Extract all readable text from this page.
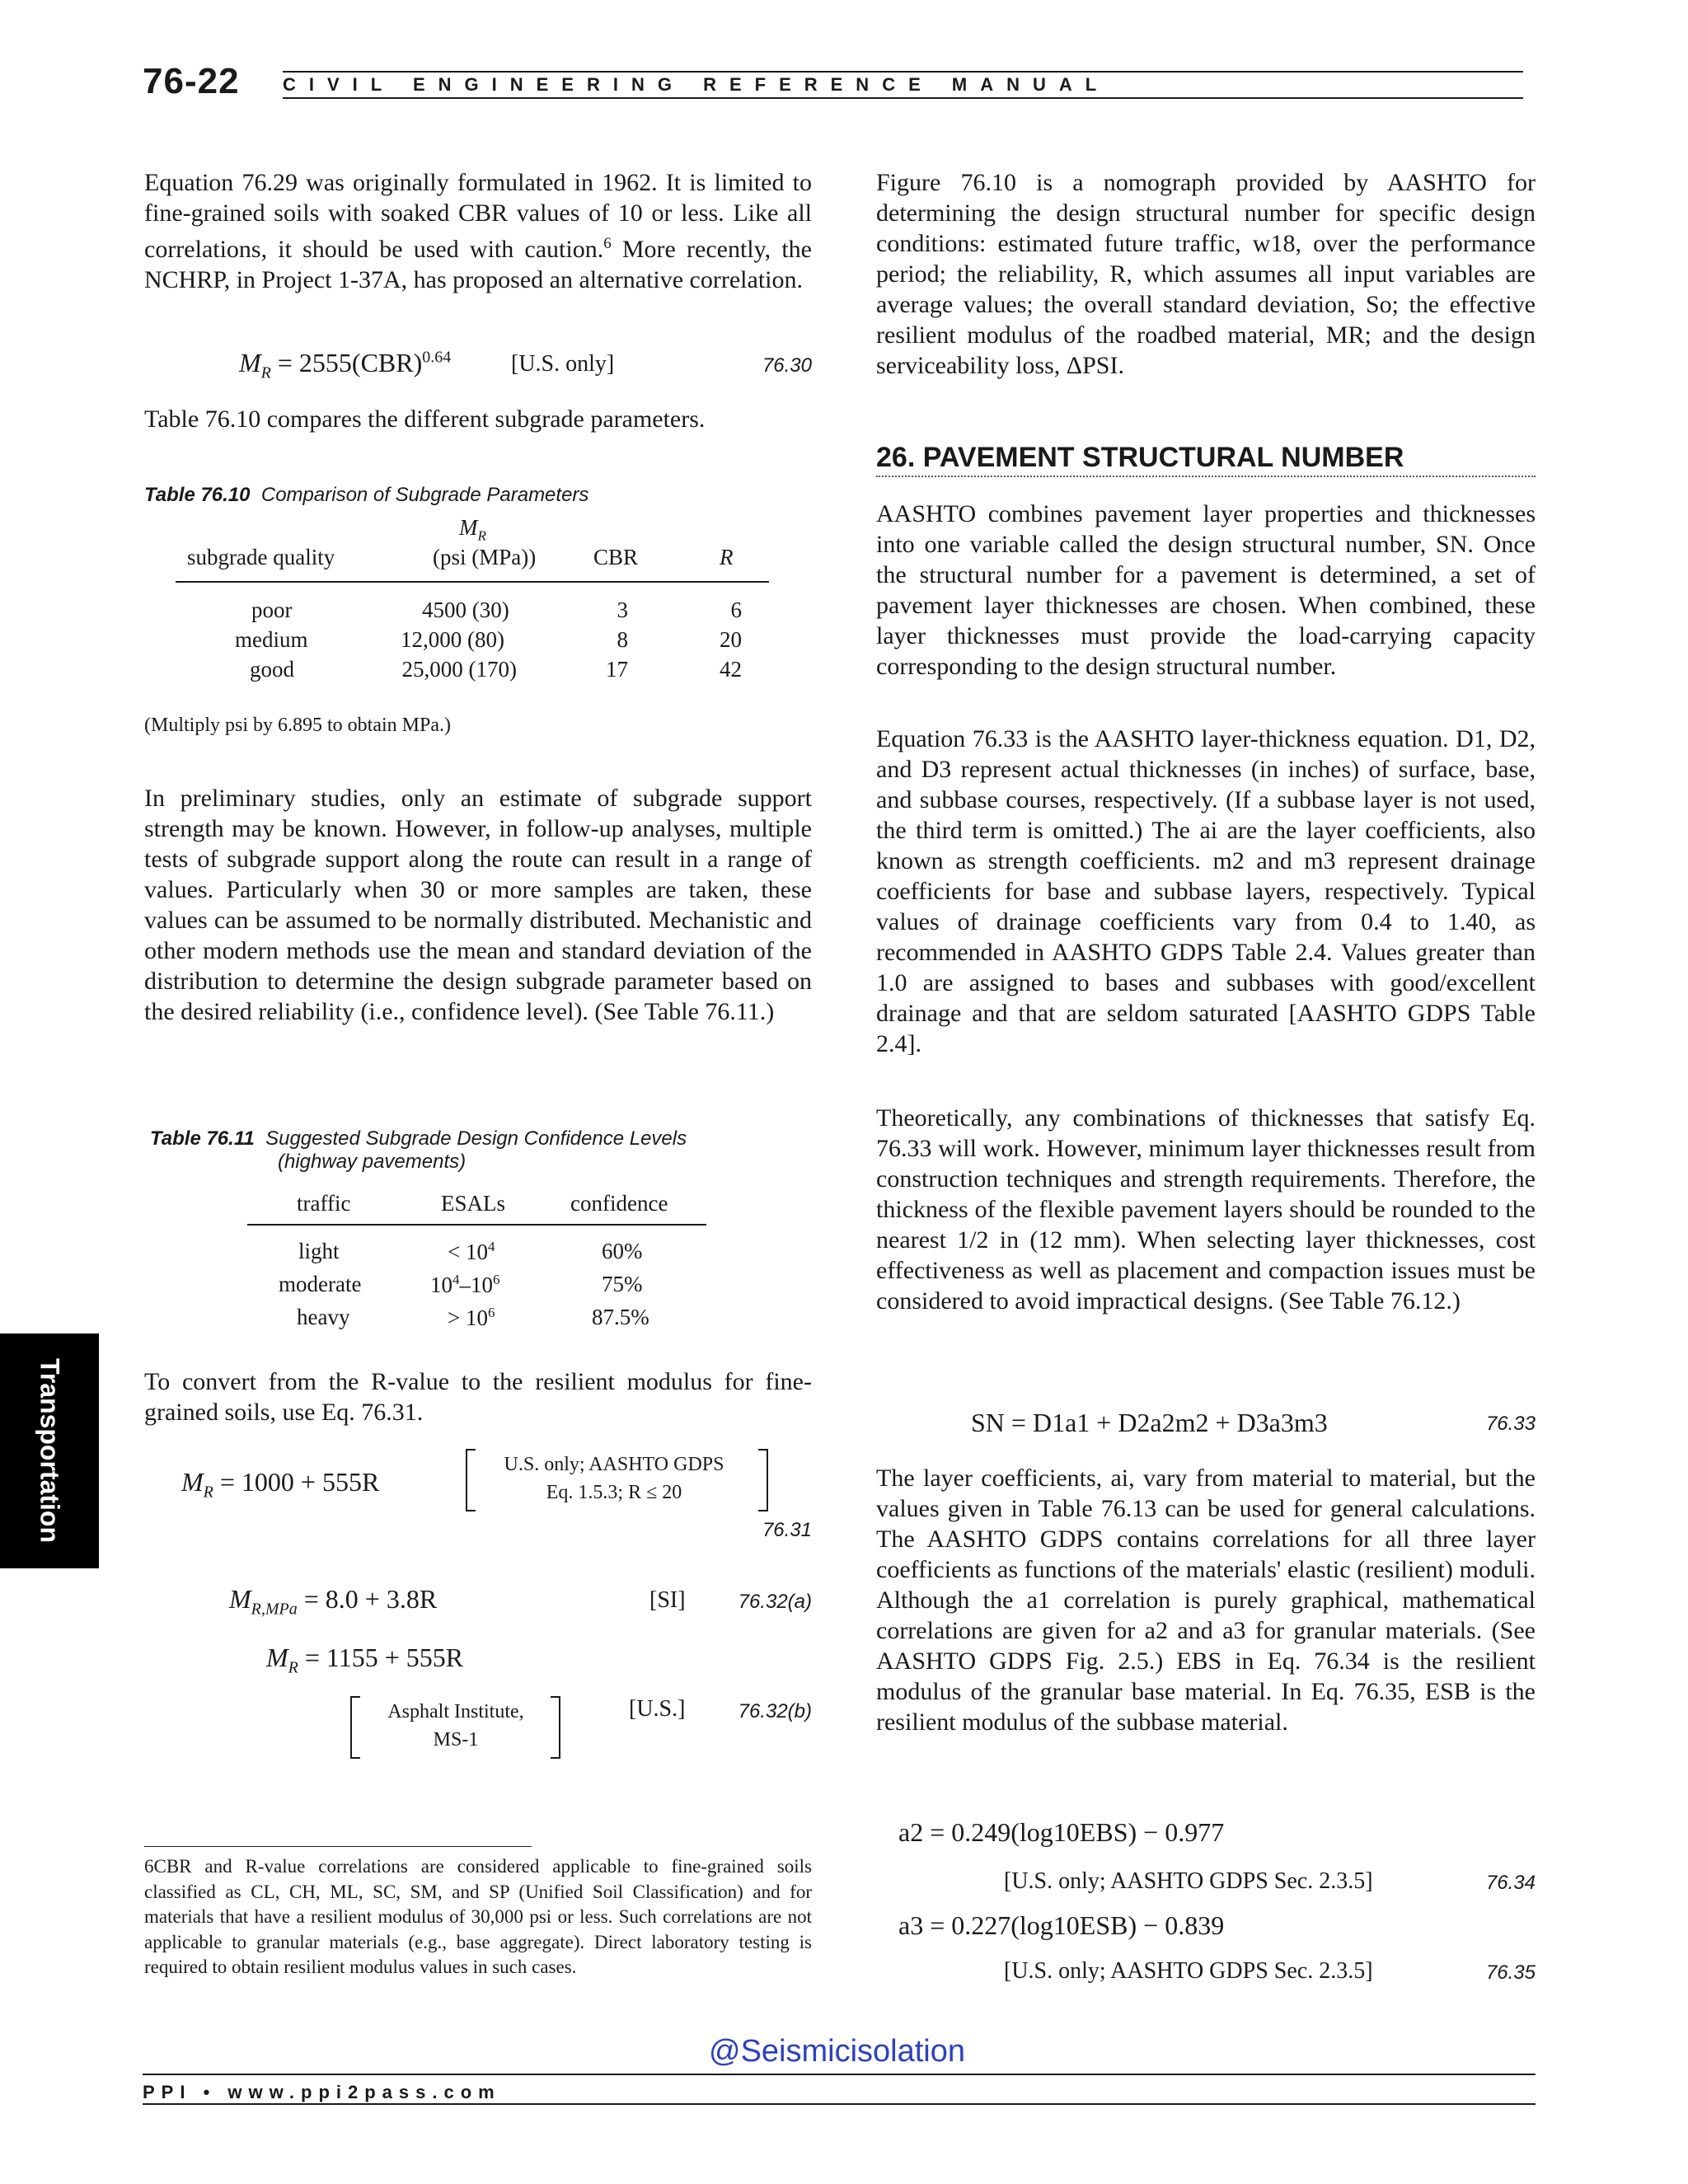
76-22 CIVIL ENGINEERING REFERENCE MANUAL
Transportation
Equation 76.29 was originally formulated in 1962. It is limited to fine-grained soils with soaked CBR values of 10 or less. Like all correlations, it should be used with caution.$^6$ More recently, the NCHRP, in Project 1-37A, has proposed an alternative correlation.
$M_R = 2555(CBR)^{0.64}$	[U.S. only]	76.30
Table 76.10 compares the different subgrade parameters.
Table 76.10 Comparison of Subgrade Parameters
$M_R$
subgrade quality	(psi (MPa))	CBR	R
poor	4500 (30)	3	6
medium	12,000 (80)	8	20
good	25,000 (170)	17	42
(Multiply psi by 6.895 to obtain MPa.)
In preliminary studies, only an estimate of subgrade support strength may be known. However, in follow-up analyses, multiple tests of subgrade support along the route can result in a range of values. Particularly when 30 or more samples are taken, these values can be assumed to be normally distributed. Mechanistic and other modern methods use the mean and standard deviation of the distribution to determine the design subgrade parameter based on the desired reliability (i.e., confidence level). (See Table 76.11.)
Table 76.11 Suggested Subgrade Design Confidence Levels
(highway pavements)
traffic	ESALs	confidence
light	< $10^4$	60%
moderate	$10^4-10^6$	75%
heavy	> $10^6$	87.5%
To convert from the R-value to the resilient modulus for fine-grained soils, use Eq. 76.31.
$M_R = 1000 + 555R$
U.S. only; AASHTO GDPS
Eq. 1.5.3; R ≤ 20
76.31
$M_{R,MPa} = 8.0 + 3.8R$	[SI]	76.32(a)
$M_R = 1155 + 555R$
Asphalt Institute,
MS-1
[U.S.]	76.32(b)
6CBR and R-value correlations are considered applicable to fine-grained soils classified as CL, CH, ML, SC, SM, and SP (Unified Soil Classification) and for materials that have a resilient modulus of 30,000 psi or less. Such correlations are not applicable to granular materials (e.g., base aggregate). Direct laboratory testing is required to obtain resilient modulus values in such cases.
Figure 76.10 is a nomograph provided by AASHTO for determining the design structural number for specific design conditions: estimated future traffic, w18, over the performance period; the reliability, R, which assumes all input variables are average values; the overall standard deviation, So; the effective resilient modulus of the roadbed material, MR; and the design serviceability loss, ΔPSI.
26. PAVEMENT STRUCTURAL NUMBER
AASHTO combines pavement layer properties and thicknesses into one variable called the design structural number, SN. Once the structural number for a pavement is determined, a set of pavement layer thicknesses are chosen. When combined, these layer thicknesses must provide the load-carrying capacity corresponding to the design structural number.
Equation 76.33 is the AASHTO layer-thickness equation. D1, D2, and D3 represent actual thicknesses (in inches) of surface, base, and subbase courses, respectively. (If a subbase layer is not used, the third term is omitted.) The ai are the layer coefficients, also known as strength coefficients. m2 and m3 represent drainage coefficients for base and subbase layers, respectively. Typical values of drainage coefficients vary from 0.4 to 1.40, as recommended in AASHTO GDPS Table 2.4. Values greater than 1.0 are assigned to bases and subbases with good/excellent drainage and that are seldom saturated [AASHTO GDPS Table 2.4].
Theoretically, any combinations of thicknesses that satisfy Eq. 76.33 will work. However, minimum layer thicknesses result from construction techniques and strength requirements. Therefore, the thickness of the flexible pavement layers should be rounded to the nearest 1/2 in (12 mm). When selecting layer thicknesses, cost effectiveness as well as placement and compaction issues must be considered to avoid impractical designs. (See Table 76.12.)
SN = D1a1 + D2a2m2 + D3a3m3	76.33
The layer coefficients, ai, vary from material to material, but the values given in Table 76.13 can be used for general calculations. The AASHTO GDPS contains correlations for all three layer coefficients as functions of the materials' elastic (resilient) moduli. Although the a1 correlation is purely graphical, mathematical correlations are given for a2 and a3 for granular materials. (See AASHTO GDPS Fig. 2.5.) EBS in Eq. 76.34 is the resilient modulus of the granular base material. In Eq. 76.35, ESB is the resilient modulus of the subbase material.
a2 = 0.249(log10EBS) − 0.977
[U.S. only; AASHTO GDPS Sec. 2.3.5]	76.34
a3 = 0.227(log10ESB) − 0.839
[U.S. only; AASHTO GDPS Sec. 2.3.5]	76.35
@Seismicisolation
PPI • www.ppi2pass.com
